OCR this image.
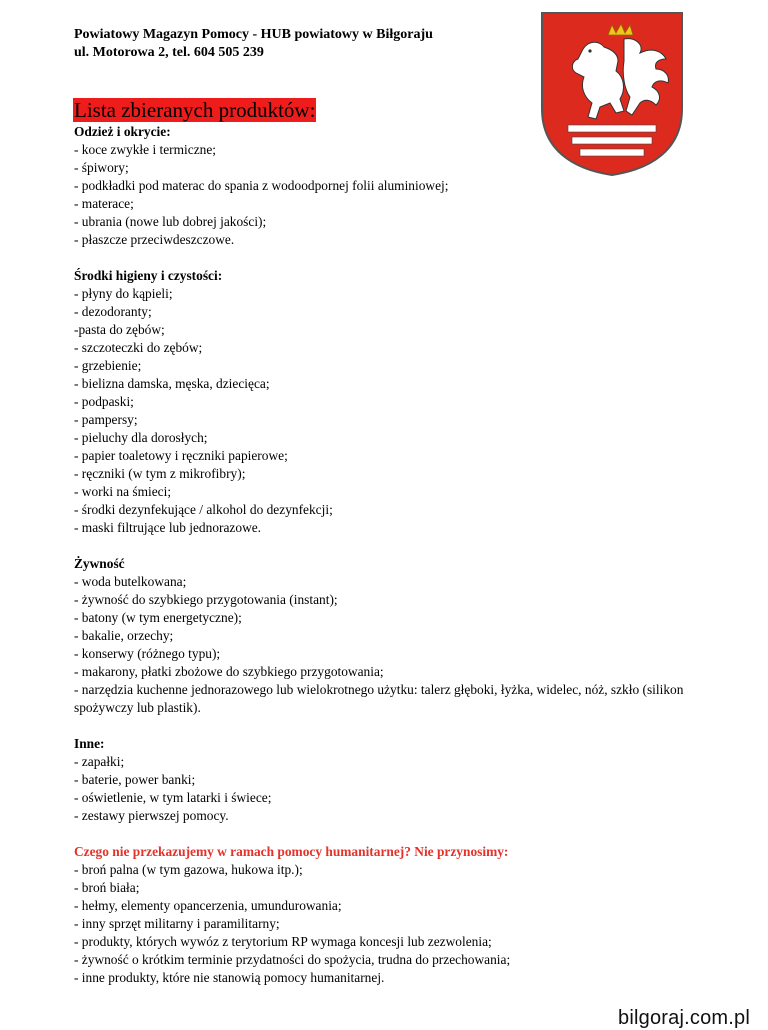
Powiatowy Magazyn Pomocy - HUB powiatowy w Biłgoraju
ul. Motorowa 2, tel. 604 505 239
Lista zbieranych produktów:
Odzież i okrycie:
- koce zwykłe i termiczne;
- śpiwory;
- podkładki pod materac do spania z wodoodpornej folii aluminiowej;
- materace;
- ubrania (nowe lub dobrej jakości);
- płaszcze przeciwdeszczowe.
Środki higieny i czystości:
- płyny do kąpieli;
- dezodoranty;
-pasta do zębów;
- szczoteczki do zębów;
- grzebienie;
- bielizna damska, męska, dziecięca;
- podpaski;
- pampersy;
- pieluchy dla dorosłych;
- papier toaletowy i ręczniki papierowe;
- ręczniki (w tym z mikrofibry);
- worki na śmieci;
- środki dezynfekujące / alkohol do dezynfekcji;
- maski filtrujące lub jednorazowe.
Żywność
- woda butelkowana;
- żywność do szybkiego przygotowania (instant);
- batony (w tym energetyczne);
- bakalie, orzechy;
- konserwy (różnego typu);
- makarony, płatki zbożowe do szybkiego przygotowania;
- narzędzia kuchenne jednorazowego lub wielokrotnego użytku: talerz głęboki, łyżka, widelec, nóż, szkło (silikon spożywczy lub plastik).
Inne:
- zapałki;
- baterie, power banki;
- oświetlenie, w tym latarki i świece;
- zestawy pierwszej pomocy.
Czego nie przekazujemy w ramach pomocy humanitarnej? Nie przynosimy:
- broń palna (w tym gazowa, hukowa itp.);
- broń biała;
- hełmy, elementy opancerzenia, umundurowania;
- inny sprzęt militarny i paramilitarny;
- produkty, których wywóz z terytorium RP wymaga koncesji lub zezwolenia;
- żywność o krótkim terminie przydatności do spożycia, trudna do przechowania;
- inne produkty, które nie stanowią pomocy humanitarnej.
bilgoraj.com.pl
